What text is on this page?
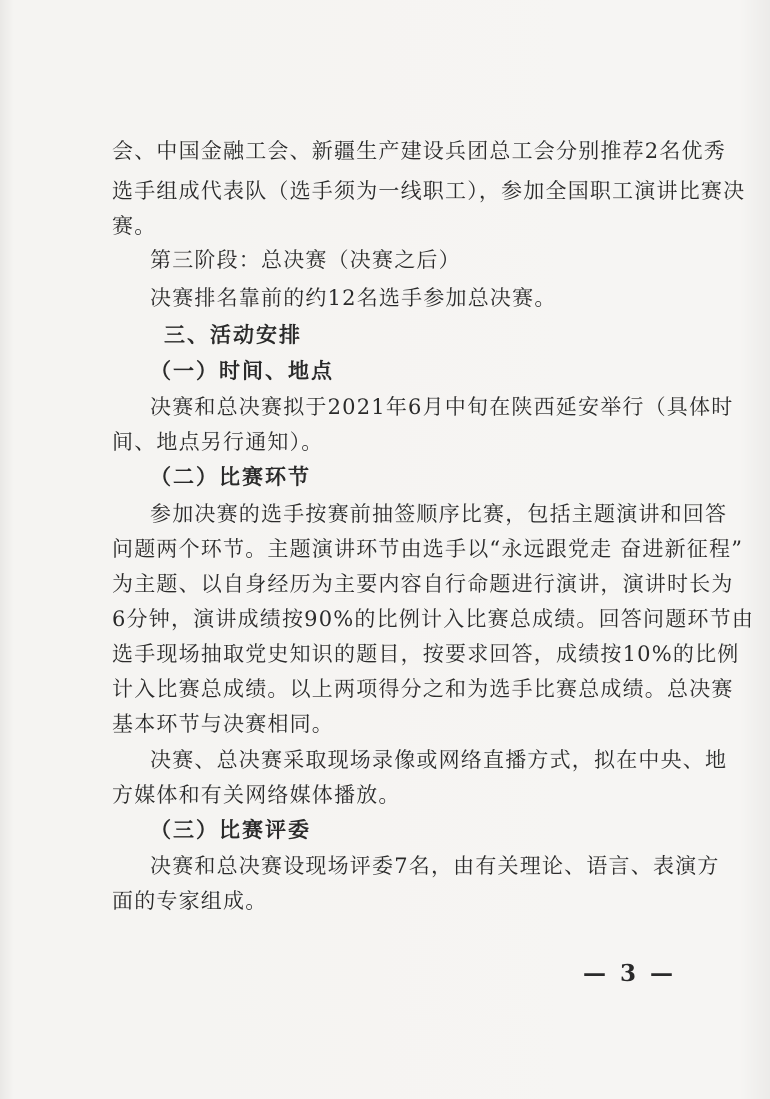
会、中国金融工会、新疆生产建设兵团总工会分别推荐2名优秀
选手组成代表队（选手须为一线职工），参加全国职工演讲比赛决
赛。
第三阶段：总决赛（决赛之后）
决赛排名靠前的约12名选手参加总决赛。
三、活动安排
（一）时间、地点
决赛和总决赛拟于2021年6月中旬在陕西延安举行（具体时
间、地点另行通知）。
（二）比赛环节
参加决赛的选手按赛前抽签顺序比赛，包括主题演讲和回答
问题两个环节。主题演讲环节由选手以“永远跟党走 奋进新征程”
为主题、以自身经历为主要内容自行命题进行演讲，演讲时长为
6分钟，演讲成绩按90%的比例计入比赛总成绩。回答问题环节由
选手现场抽取党史知识的题目，按要求回答，成绩按10%的比例
计入比赛总成绩。以上两项得分之和为选手比赛总成绩。总决赛
基本环节与决赛相同。
决赛、总决赛采取现场录像或网络直播方式，拟在中央、地
方媒体和有关网络媒体播放。
（三）比赛评委
决赛和总决赛设现场评委7名，由有关理论、语言、表演方
面的专家组成。
— 3 —
